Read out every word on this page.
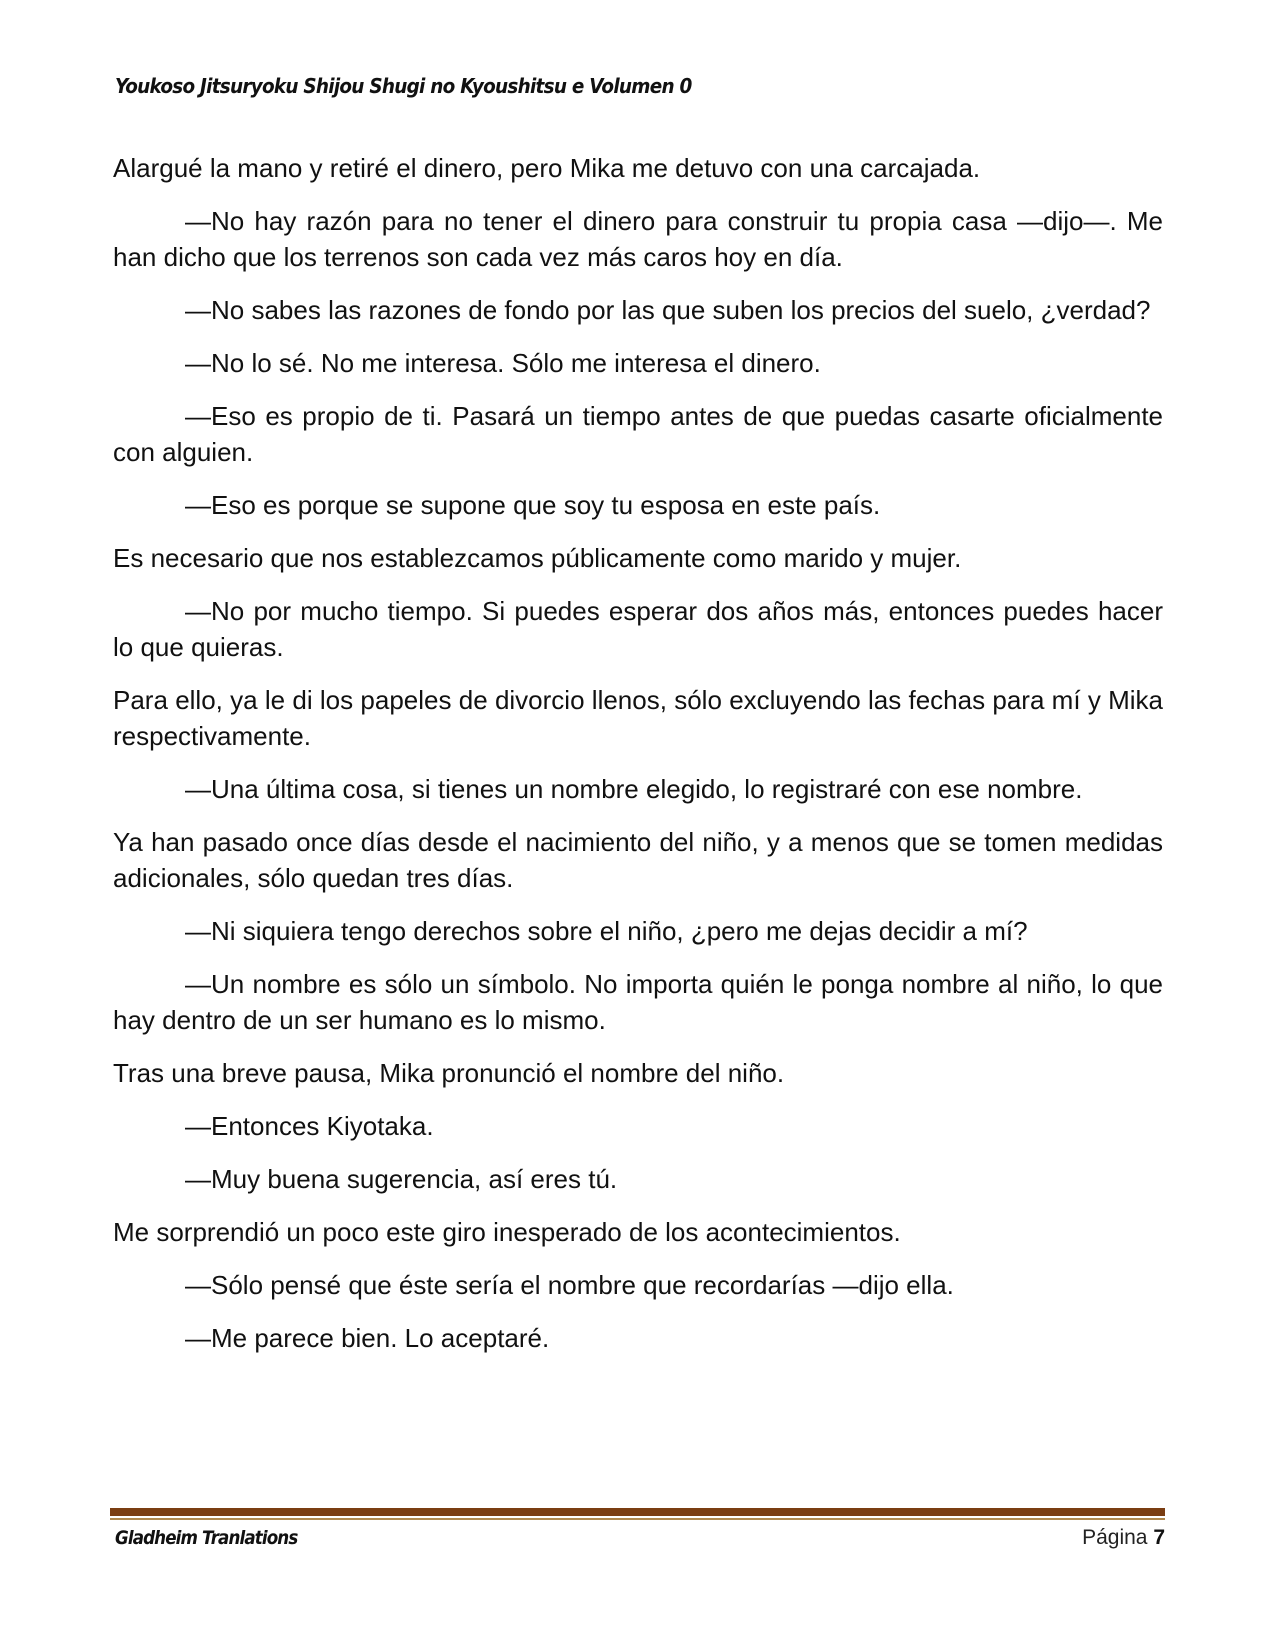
Youkoso Jitsuryoku Shijou Shugi no Kyoushitsu e Volumen 0

Alargué la mano y retiré el dinero, pero Mika me detuvo con una carcajada.

—No hay razón para no tener el dinero para construir tu propia casa —dijo—. Me han dicho que los terrenos son cada vez más caros hoy en día.

—No sabes las razones de fondo por las que suben los precios del suelo, ¿verdad?

—No lo sé. No me interesa. Sólo me interesa el dinero.

—Eso es propio de ti. Pasará un tiempo antes de que puedas casarte oficialmente con alguien.

—Eso es porque se supone que soy tu esposa en este país.

Es necesario que nos establezcamos públicamente como marido y mujer.

—No por mucho tiempo. Si puedes esperar dos años más, entonces puedes hacer lo que quieras.

Para ello, ya le di los papeles de divorcio llenos, sólo excluyendo las fechas para mí y Mika respectivamente.

—Una última cosa, si tienes un nombre elegido, lo registraré con ese nombre.

Ya han pasado once días desde el nacimiento del niño, y a menos que se tomen medidas adicionales, sólo quedan tres días.

—Ni siquiera tengo derechos sobre el niño, ¿pero me dejas decidir a mí?

—Un nombre es sólo un símbolo. No importa quién le ponga nombre al niño, lo que hay dentro de un ser humano es lo mismo.

Tras una breve pausa, Mika pronunció el nombre del niño.

—Entonces Kiyotaka.

—Muy buena sugerencia, así eres tú.

Me sorprendió un poco este giro inesperado de los acontecimientos.

—Sólo pensé que éste sería el nombre que recordarías —dijo ella.

—Me parece bien. Lo aceptaré.

Gladheim Tranlations	Página 7
